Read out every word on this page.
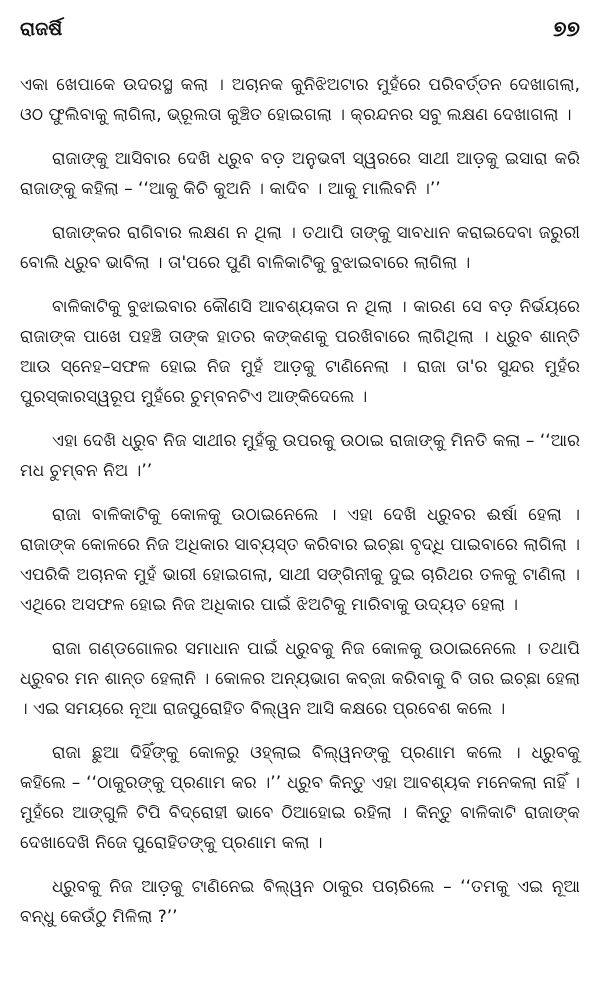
ରାଜର୍ଷି	୭୭

ଏକା ଖେପାକେ ଉଦରସ୍ଥ କଲା । ଅଚାନକ କୁନିଝିଅଟାର ମୁହଁରେ ପରିବର୍ତ୍ତନ ଦେଖାଗଲା, ଓଠ ଫୁଲିବାକୁ ଲାଗିଲା, ଭ୍ରୂଲତା କୁଞ୍ଚିତ ହୋଇଗଲା । କ୍ରନ୍ଦନର ସବୁ ଲକ୍ଷଣ ଦେଖାଗଲା ।

ରାଜାଙ୍କୁ ଆସିବାର ଦେଖି ଧ୍ରୁବ ବଡ଼ ଅନୁଭବୀ ସ୍ୱରରେ ସାଥୀ ଆଡ଼କୁ ଇସାରା କରି ରାଜାଙ୍କୁ କହିଲା – ‘‘ଆକୁ କିଚି କୁଅନି । କାଦିବ । ଆକୁ ମାଲିବନି ।’’

ରାଜାଙ୍କର ରାଗିବାର ଲକ୍ଷଣ ନ ଥିଲା । ତଥାପି ତାଙ୍କୁ ସାବଧାନ କରାଇଦେବା ଜରୁରୀ ବୋଲି ଧ୍ରୁବ ଭାବିଲା । ତା'ପରେ ପୁଣି ବାଳିକାଟିକୁ ବୁଝାଇବାରେ ଲାଗିଲା ।

ବାଳିକାଟିକୁ ବୁଝାଇବାର କୌଣସି ଆବଶ୍ୟକତା ନ ଥିଲା । କାରଣ ସେ ବଡ଼ ନିର୍ଭୟରେ ରାଜାଙ୍କ ପାଖେ ପହଞ୍ଚି ତାଙ୍କ ହାତର କଙ୍କଣକୁ ପରଖିବାରେ ଲାଗିଥିଲା । ଧ୍ରୁବ ଶାନ୍ତି ଆଉ ସ୍ନେହ–ସଫଳ ହୋଇ ନିଜ ମୁହଁ ଆଡ଼କୁ ଟାଣିନେଲା । ରାଜା ତା'ର ସୁନ୍ଦର ମୁହଁର ପୁରସ୍କାରସ୍ୱରୂପ ମୁହଁରେ ଚୁମ୍ବନଟିଏ ଆଙ୍କିଦେଲେ ।

ଏହା ଦେଖି ଧ୍ରୁବ ନିଜ ସାଥୀର ମୁହଁକୁ ଉପରକୁ ଉଠାଇ ରାଜାଙ୍କୁ ମିନତି କଲା – ‘‘ଆର ମଧ ଚୁମ୍ବନ ନିଅ ।’’

ରାଜା ବାଳିକାଟିକୁ କୋଳକୁ ଉଠାଇନେଲେ । ଏହା ଦେଖି ଧ୍ରୁବର ଈର୍ଷା ହେଲା । ରାଜାଙ୍କ କୋଳରେ ନିଜ ଅଧିକାର ସାବ୍ୟସ୍ତ କରିବାର ଇଚ୍ଛା ବୃଦ୍ଧି ପାଇବାରେ ଲାଗିଲା । ଏପରିକି ଅଚାନକ ମୁହଁ ଭାରୀ ହୋଇଗଲା, ସାଥୀ ସଙ୍ଗିନୀକୁ ଦୁଇ ଚାରିଥର ତଳକୁ ଟାଣିଲା । ଏଥିରେ ଅସଫଳ ହୋଇ ନିଜ ଅଧିକାର ପାଇଁ ଝିଅଟିକୁ ମାରିବାକୁ ଉଦ୍ୟତ ହେଲା ।

ରାଜା ଗଣ୍ଡଗୋଳର ସମାଧାନ ପାଇଁ ଧ୍ରୁବକୁ ନିଜ କୋଳକୁ ଉଠାଇନେଲେ । ତଥାପି ଧ୍ରୁବର ମନ ଶାନ୍ତ ହେଲାନି । କୋଳର ଅନ୍ୟଭାଗ କବ୍‌ଜା କରିବାକୁ ବି ତାର ଇଚ୍ଛା ହେଲା । ଏଇ ସମୟରେ ନୂଆ ରାଜପୁରୋହିତ ବିଲ୍ୱନ ଆସି କକ୍ଷରେ ପ୍ରବେଶ କଲେ ।

ରାଜା ଛୁଆ ଦିହିଁଙ୍କୁ କୋଳରୁ ଓହ୍ଲାଇ ବିଲ୍ୱନଙ୍କୁ ପ୍ରଣାମ କଲେ । ଧ୍ରୁବକୁ କହିଲେ – ‘‘ଠାକୁରଙ୍କୁ ପ୍ରଣାମ କର ।’’ ଧ୍ରୁବ କିନ୍ତୁ ଏହା ଆବଶ୍ୟକ ମନେକଲା ନାହିଁ । ମୁହଁରେ ଆଙ୍ଗୁଳି ଟିପି ବିଦ୍ରୋହୀ ଭାବେ ଠିଆହୋଇ ରହିଲା । କିନ୍ତୁ ବାଳିକାଟି ରାଜାଙ୍କ ଦେଖାଦେଖି ନିଜେ ପୁରୋହିତଙ୍କୁ ପ୍ରଣାମ କଲା ।

ଧ୍ରୁବକୁ ନିଜ ଆଡ଼କୁ ଟାଣିନେଇ ବିଲ୍ୱନ ଠାକୁର ପଚାରିଲେ – ‘‘ତମକୁ ଏଇ ନୂଆ ବନ୍ଧୁ କେଉଁଠୁ ମିଳିଲା ?’’
